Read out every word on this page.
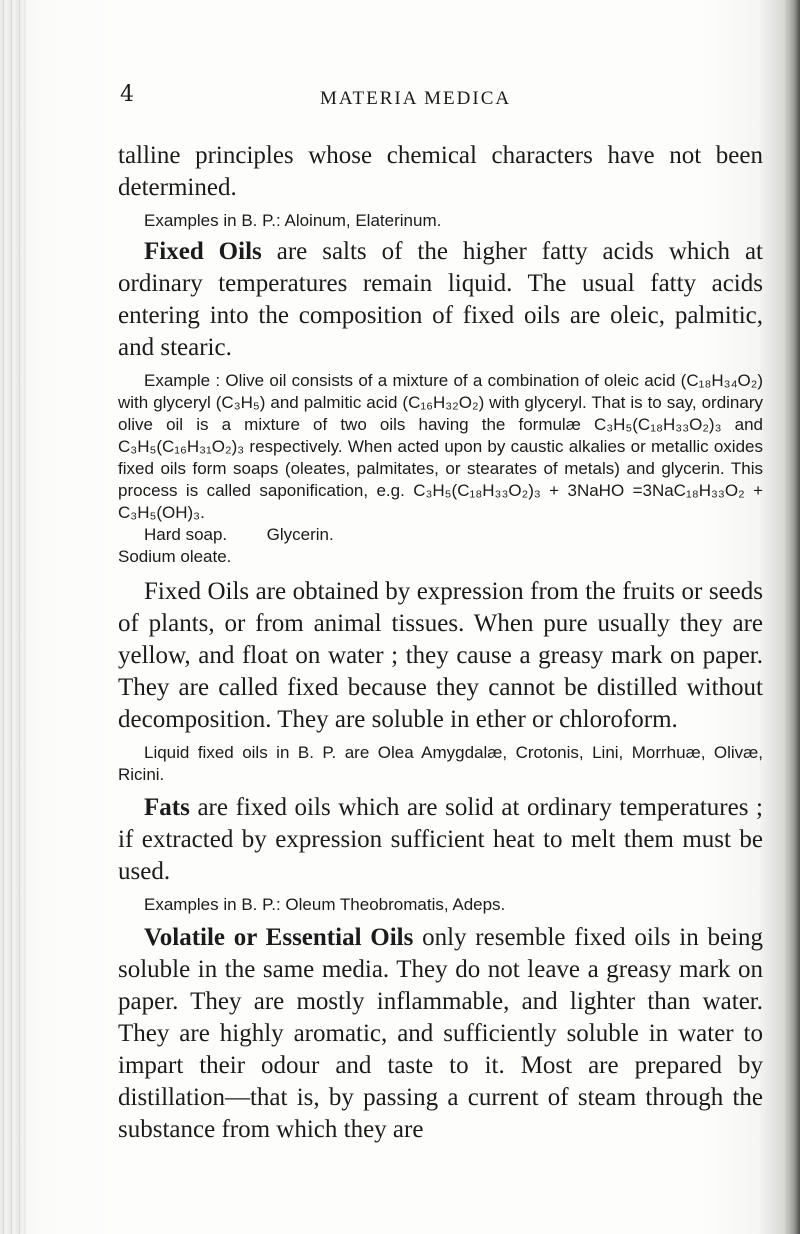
4	MATERIA MEDICA

talline principles whose chemical characters have not been determined.

Examples in B. P.: Aloinum, Elaterinum.

Fixed Oils are salts of the higher fatty acids which at ordinary temperatures remain liquid. The usual fatty acids entering into the composition of fixed oils are oleic, palmitic, and stearic.

Example : Olive oil consists of a mixture of a combination of oleic acid (C₁₈H₃₄O₂) with glyceryl (C₃H₅) and palmitic acid (C₁₆H₃₂O₂) with glyceryl. That is to say, ordinary olive oil is a mixture of two oils having the formulæ C₃H₅(C₁₈H₃₃O₂)₃ and C₃H₅(C₁₆H₃₁O₂)₃ respectively. When acted upon by caustic alkalies or metallic oxides fixed oils form soaps (oleates, palmitates, or stearates of metals) and glycerin. This process is called saponification, e.g. C₃H₅(C₁₈H₃₃O₂)₃ + 3NaHO =3NaC₁₈H₃₃O₂ + C₃H₅(OH)₃.

Hard soap. Glycerin.

Sodium oleate.

Fixed Oils are obtained by expression from the fruits or seeds of plants, or from animal tissues. When pure usually they are yellow, and float on water ; they cause a greasy mark on paper. They are called fixed because they cannot be distilled without decomposition. They are soluble in ether or chloroform.

Liquid fixed oils in B. P. are Olea Amygdalæ, Crotonis, Lini, Morrhuæ, Olivæ, Ricini.

Fats are fixed oils which are solid at ordinary temperatures ; if extracted by expression sufficient heat to melt them must be used.

Examples in B. P.: Oleum Theobromatis, Adeps.

Volatile or Essential Oils only resemble fixed oils in being soluble in the same media. They do not leave a greasy mark on paper. They are mostly inflammable, and lighter than water. They are highly aromatic, and sufficiently soluble in water to impart their odour and taste to it. Most are prepared by distillation—that is, by passing a current of steam through the substance from which they are
